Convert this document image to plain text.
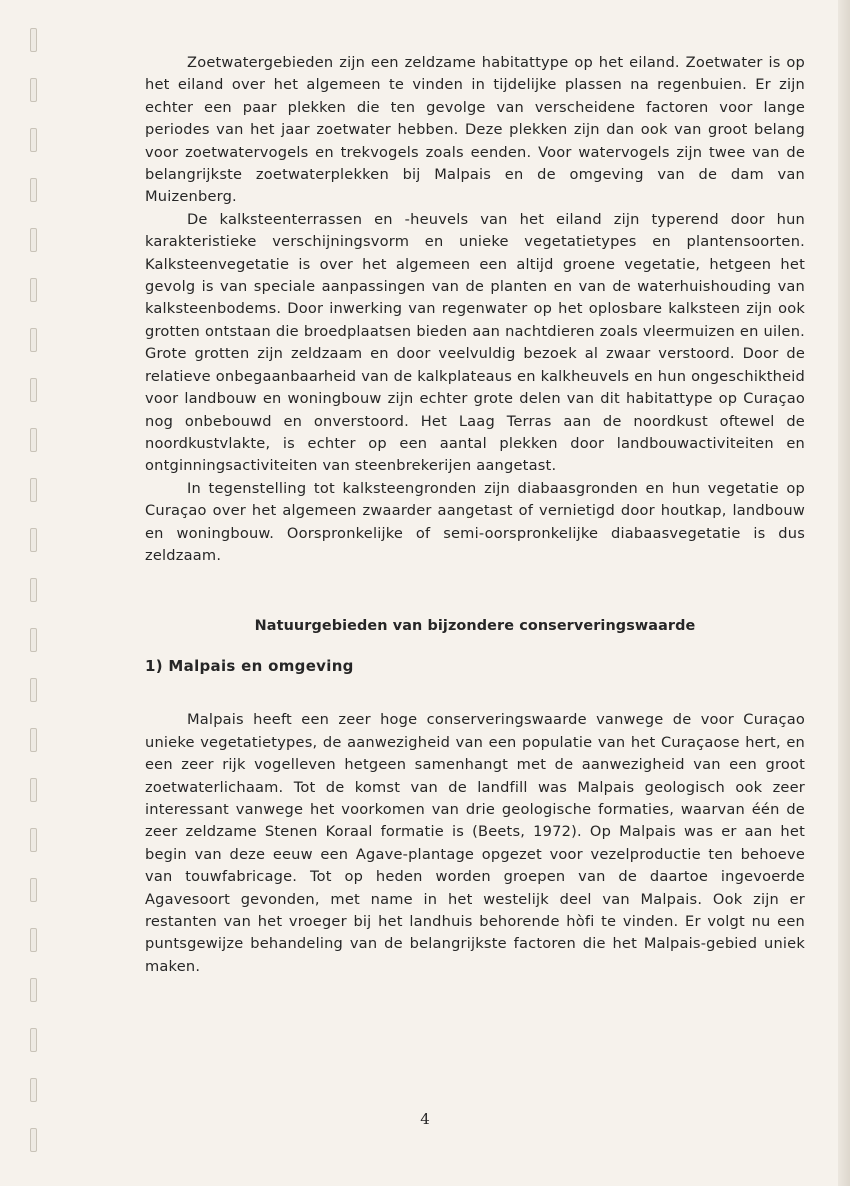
Zoetwatergebieden zijn een zeldzame habitattype op het eiland. Zoetwater is op het eiland over het algemeen te vinden in tijdelijke plassen na regenbuien. Er zijn echter een paar plekken die ten gevolge van verscheidene factoren voor lange periodes van het jaar zoetwater hebben. Deze plekken zijn dan ook van groot belang voor zoetwatervogels en trekvogels zoals eenden. Voor watervogels zijn twee van de belangrijkste zoetwaterplekken bij Malpais en de omgeving van de dam van Muizenberg.

De kalksteenterrassen en -heuvels van het eiland zijn typerend door hun karakteristieke verschijningsvorm en unieke vegetatietypes en plantensoorten. Kalksteenvegetatie is over het algemeen een altijd groene vegetatie, hetgeen het gevolg is van speciale aanpassingen van de planten en van de waterhuishouding van kalksteenbodems. Door inwerking van regenwater op het oplosbare kalksteen zijn ook grotten ontstaan die broedplaatsen bieden aan nachtdieren zoals vleermuizen en uilen. Grote grotten zijn zeldzaam en door veelvuldig bezoek al zwaar verstoord. Door de relatieve onbegaanbaarheid van de kalkplateaus en kalkheuvels en hun ongeschiktheid voor landbouw en woningbouw zijn echter grote delen van dit habitattype op Curaçao nog onbebouwd en onverstoord. Het Laag Terras aan de noordkust oftewel de noordkustvlakte, is echter op een aantal plekken door landbouwactiviteiten en ontginningsactiviteiten van steenbrekerijen aangetast.

In tegenstelling tot kalksteengronden zijn diabaasgronden en hun vegetatie op Curaçao over het algemeen zwaarder aangetast of vernietigd door houtkap, landbouw en woningbouw. Oorspronkelijke of semi-oorspronkelijke diabaasvegetatie is dus zeldzaam.

Natuurgebieden van bijzondere conserveringswaarde
1) Malpais en omgeving

Malpais heeft een zeer hoge conserveringswaarde vanwege de voor Curaçao unieke vegetatietypes, de aanwezigheid van een populatie van het Curaçaose hert, en een zeer rijk vogelleven hetgeen samenhangt met de aanwezigheid van een groot zoetwaterlichaam. Tot de komst van de landfill was Malpais geologisch ook zeer interessant vanwege het voorkomen van drie geologische formaties, waarvan één de zeer zeldzame Stenen Koraal formatie is (Beets, 1972). Op Malpais was er aan het begin van deze eeuw een Agave-plantage opgezet voor vezelproductie ten behoeve van touwfabricage. Tot op heden worden groepen van de daartoe ingevoerde Agavesoort gevonden, met name in het westelijk deel van Malpais. Ook zijn er restanten van het vroeger bij het landhuis behorende hòfi te vinden. Er volgt nu een puntsgewijze behandeling van de belangrijkste factoren die het Malpais-gebied uniek maken.

4
